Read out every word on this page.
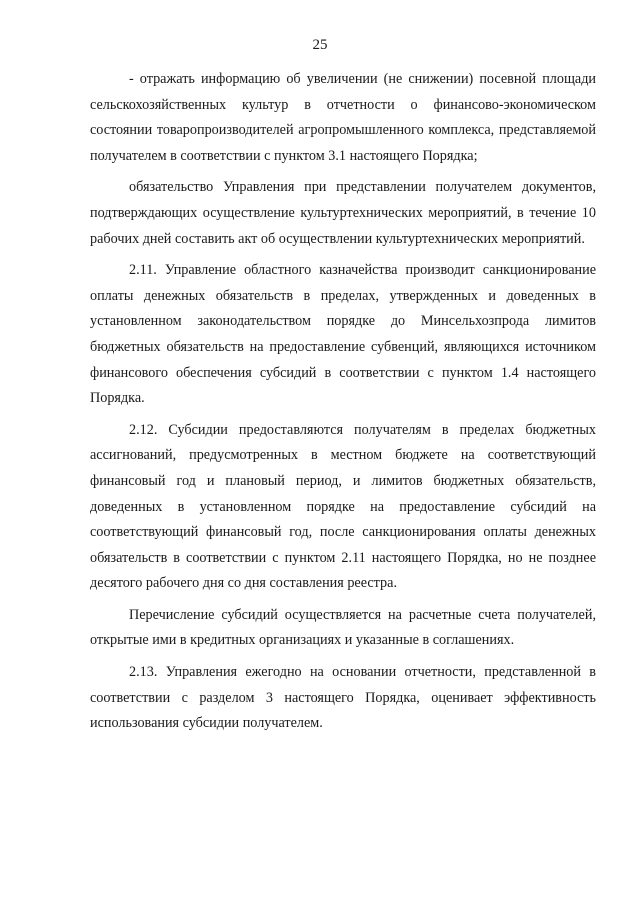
25

- отражать информацию об увеличении (не снижении) посевной площади сельскохозяйственных культур в отчетности о финансово-экономическом состоянии товаропроизводителей агропромышленного комплекса, представляемой получателем в соответствии с пунктом 3.1 настоящего Порядка;

обязательство Управления при представлении получателем документов, подтверждающих осуществление культуртехнических мероприятий, в течение 10 рабочих дней составить акт об осуществлении культуртехнических мероприятий.

2.11. Управление областного казначейства производит санкционирование оплаты денежных обязательств в пределах, утвержденных и доведенных в установленном законодательством порядке до Минсельхозпрода лимитов бюджетных обязательств на предоставление субвенций, являющихся источником финансового обеспечения субсидий в соответствии с пунктом 1.4 настоящего Порядка.

2.12. Субсидии предоставляются получателям в пределах бюджетных ассигнований, предусмотренных в местном бюджете на соответствующий финансовый год и плановый период, и лимитов бюджетных обязательств, доведенных в установленном порядке на предоставление субсидий на соответствующий финансовый год, после санкционирования оплаты денежных обязательств в соответствии с пунктом 2.11 настоящего Порядка, но не позднее десятого рабочего дня со дня составления реестра.

Перечисление субсидий осуществляется на расчетные счета получателей, открытые ими в кредитных организациях и указанные в соглашениях.

2.13. Управления ежегодно на основании отчетности, представленной в соответствии с разделом 3 настоящего Порядка, оценивает эффективность использования субсидии получателем.
